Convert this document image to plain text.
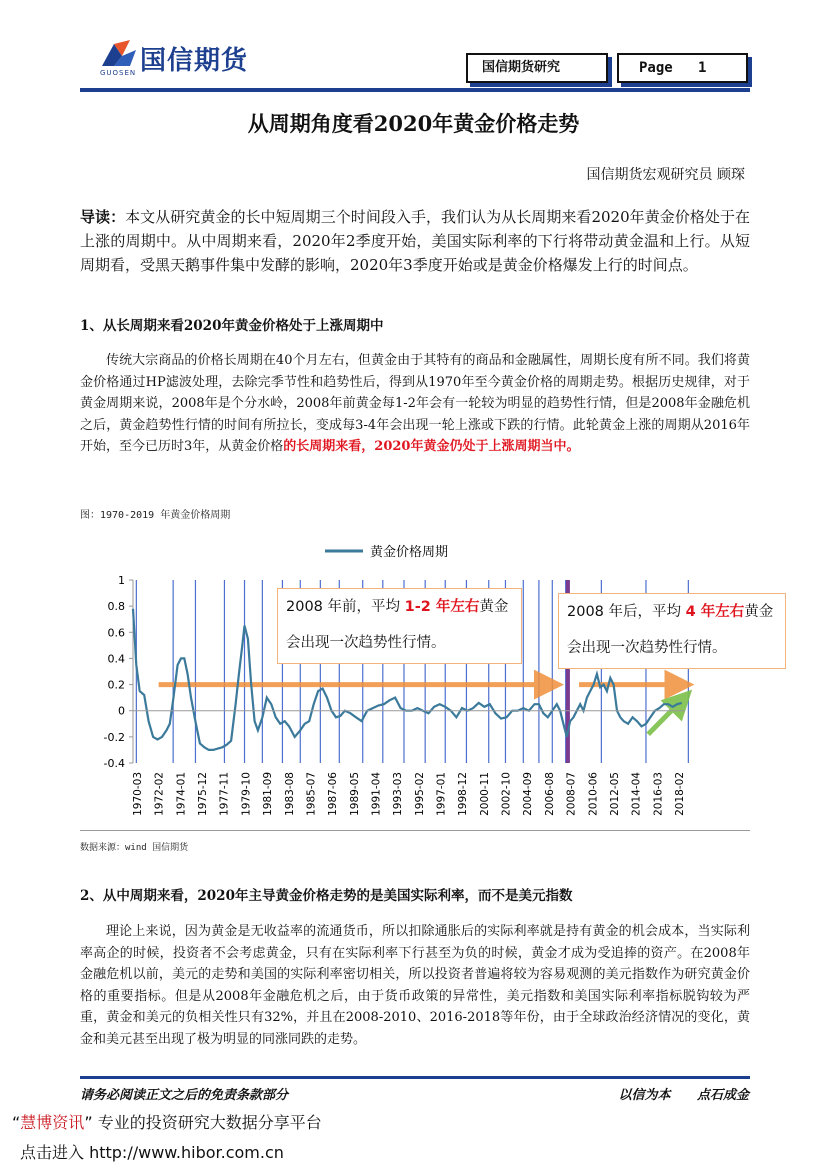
国信期货
GUOSEN	国信期货研究	Page 1
从周期角度看2020年黄金价格走势
国信期货宏观研究员 顾琛
导读：本文从研究黄金的长中短周期三个时间段入手，我们认为从长周期来看2020年黄金价格处于在上涨的周期中。从中周期来看，2020年2季度开始，美国实际利率的下行将带动黄金温和上行。从短周期看，受黑天鹅事件集中发酵的影响，2020年3季度开始或是黄金价格爆发上行的时间点。
1、从长周期来看2020年黄金价格处于上涨周期中
传统大宗商品的价格长周期在40个月左右，但黄金由于其特有的商品和金融属性，周期长度有所不同。我们将黄金价格通过HP滤波处理，去除完季节性和趋势性后，得到从1970年至今黄金价格的周期走势。根据历史规律，对于黄金周期来说，2008年是个分水岭，2008年前黄金每1-2年会有一轮较为明显的趋势性行情，但是2008年金融危机之后，黄金趋势性行情的时间有所拉长，变成每3-4年会出现一轮上涨或下跌的行情。此轮黄金上涨的周期从2016年开始，至今已历时3年，从黄金价格的长周期来看，2020年黄金仍处于上涨周期当中。
图：1970-2019 年黄金价格周期
黄金价格周期
1
0.8
0.6
0.4
0.2
0
-0.2
-0.4
1970-03 1972-02 1974-01 1975-12 1977-11 1979-10 1981-09 1983-08 1985-07 1987-06 1989-05 1991-04 1993-03 1995-02 1997-01 1998-12 2000-11 2002-10 2004-09 2006-08 2008-07 2010-06 2012-05 2014-04 2016-03 2018-02
2008 年前，平均 1-2 年左右黄金
会出现一次趋势性行情。
2008 年后，平均 4 年左右黄金
会出现一次趋势性行情。
数据来源：wind 国信期货
2、从中周期来看，2020年主导黄金价格走势的是美国实际利率，而不是美元指数
理论上来说，因为黄金是无收益率的流通货币，所以扣除通胀后的实际利率就是持有黄金的机会成本，当实际利率高企的时候，投资者不会考虑黄金，只有在实际利率下行甚至为负的时候，黄金才成为受追捧的资产。在2008年金融危机以前，美元的走势和美国的实际利率密切相关，所以投资者普遍将较为容易观测的美元指数作为研究黄金价格的重要指标。但是从2008年金融危机之后，由于货币政策的异常性，美元指数和美国实际利率指标脱钩较为严重，黄金和美元的负相关性只有32%，并且在2008-2010、2016-2018等年份，由于全球政治经济情况的变化，黄金和美元甚至出现了极为明显的同涨同跌的走势。
请务必阅读正文之后的免责条款部分	以信为本 点石成金
“慧博资讯” 专业的投资研究大数据分享平台
点击进入 http://www.hibor.com.cn
